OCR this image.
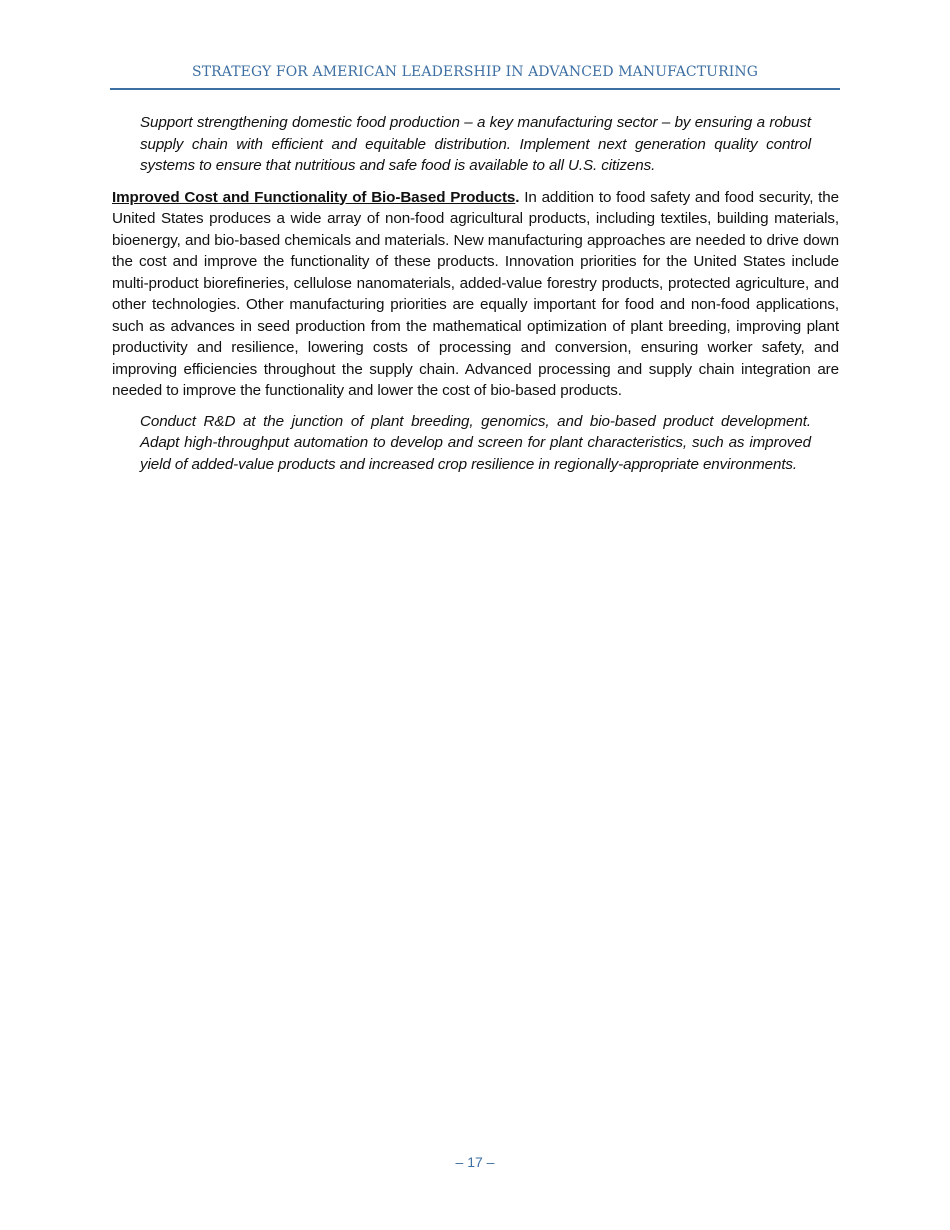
STRATEGY FOR AMERICAN LEADERSHIP IN ADVANCED MANUFACTURING

Support strengthening domestic food production – a key manufacturing sector – by ensuring a robust supply chain with efficient and equitable distribution. Implement next generation quality control systems to ensure that nutritious and safe food is available to all U.S. citizens.

Improved Cost and Functionality of Bio-Based Products. In addition to food safety and food security, the United States produces a wide array of non-food agricultural products, including textiles, building materials, bioenergy, and bio-based chemicals and materials. New manufacturing approaches are needed to drive down the cost and improve the functionality of these products. Innovation priorities for the United States include multi-product biorefineries, cellulose nanomaterials, added-value forestry products, protected agriculture, and other technologies. Other manufacturing priorities are equally important for food and non-food applications, such as advances in seed production from the mathematical optimization of plant breeding, improving plant productivity and resilience, lowering costs of processing and conversion, ensuring worker safety, and improving efficiencies throughout the supply chain. Advanced processing and supply chain integration are needed to improve the functionality and lower the cost of bio-based products.

Conduct R&D at the junction of plant breeding, genomics, and bio-based product development. Adapt high-throughput automation to develop and screen for plant characteristics, such as improved yield of added-value products and increased crop resilience in regionally-appropriate environments.

– 17 –
